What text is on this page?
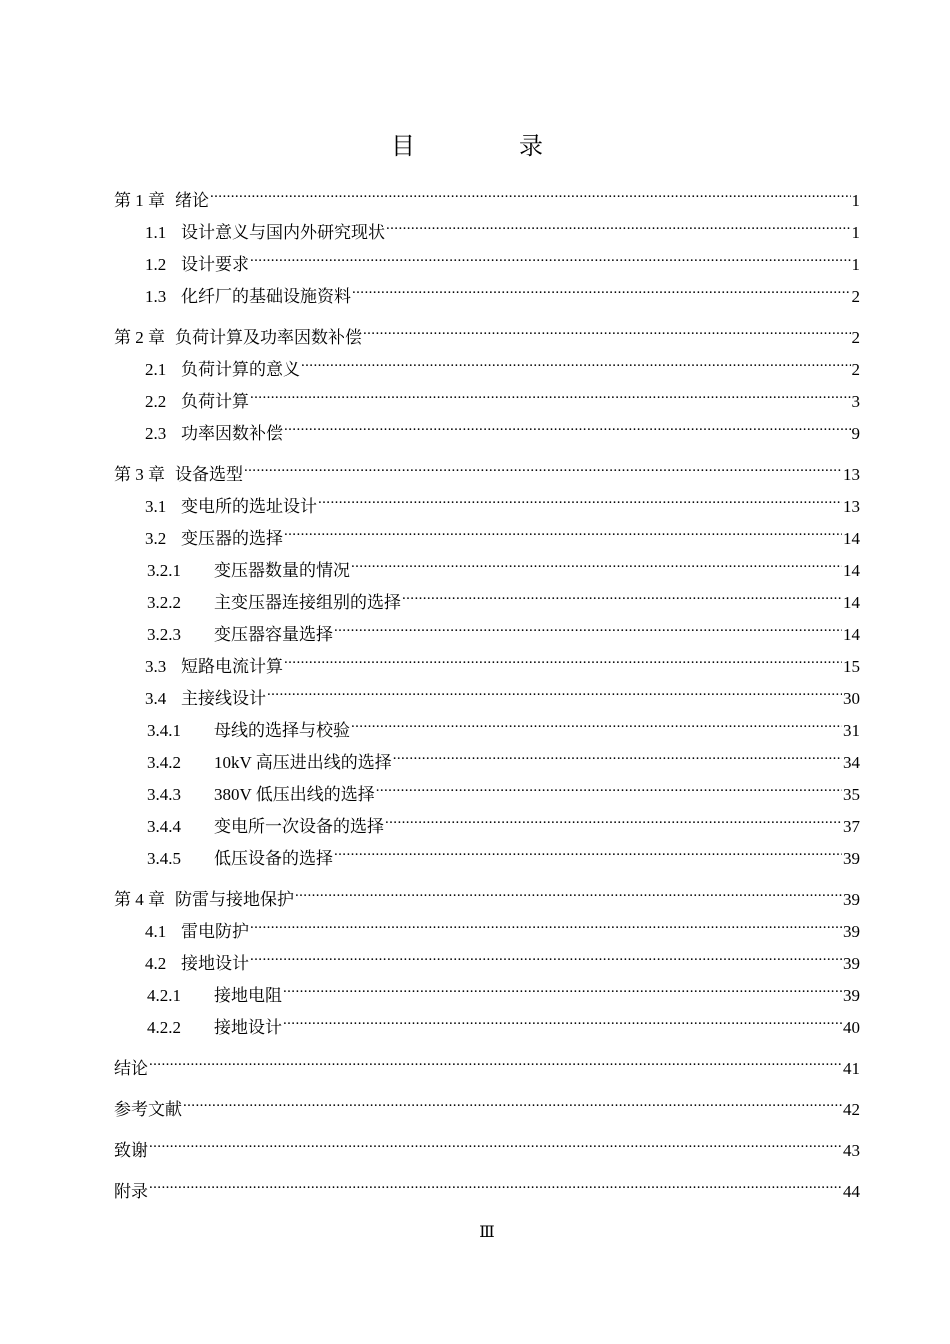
目　录
第 1 章 绪论 .....	1
1.1 设计意义与国内外研究现状 .....	1
1.2 设计要求 .....	1
1.3 化纤厂的基础设施资料 .....	2
第 2 章 负荷计算及功率因数补偿 .....	2
2.1 负荷计算的意义 .....	2
2.2 负荷计算 .....	3
2.3 功率因数补偿 .....	9
第 3 章 设备选型 .....	13
3.1 变电所的选址设计 .....	13
3.2 变压器的选择 .....	14
3.2.1	变压器数量的情况 .....	14
3.2.2	主变压器连接组别的选择 .....	14
3.2.3	变压器容量选择 .....	14
3.3 短路电流计算 .....	15
3.4 主接线设计 .....	30
3.4.1	母线的选择与校验 .....	31
3.4.2	10kV 高压进出线的选择 .....	34
3.4.3	380V 低压出线的选择 .....	35
3.4.4	变电所一次设备的选择 .....	37
3.4.5	低压设备的选择 .....	39
第 4 章 防雷与接地保护 .....	39
4.1 雷电防护 .....	39
4.2 接地设计 .....	39
4.2.1	接地电阻 .....	39
4.2.2	接地设计 .....	40
结论 .....	41
参考文献 .....	42
致谢 .....	43
附录 .....	44
Ⅲ
